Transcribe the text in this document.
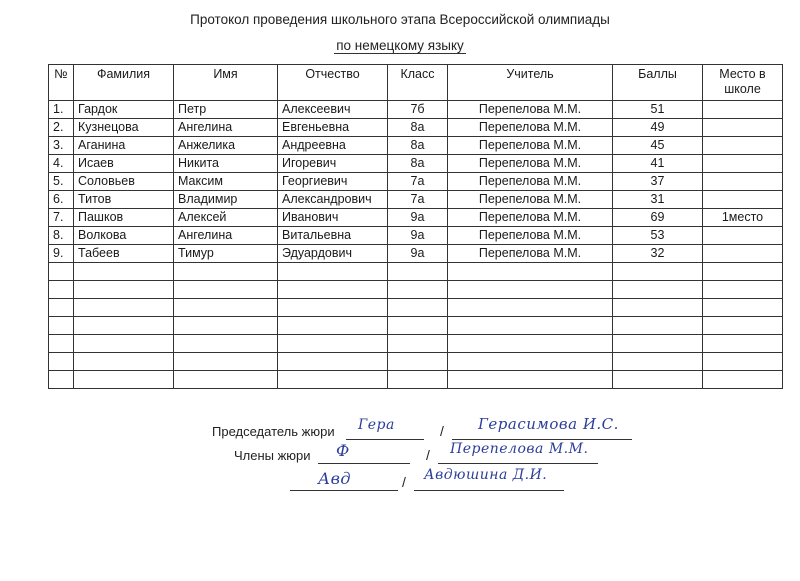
Протокол проведения школьного этапа Всероссийской олимпиады
по немецкому языку
№	Фамилия	Имя	Отчество	Класс	Учитель	Баллы	Место в школе
1.	Гардок	Петр	Алексеевич	7б	Перепелова М.М.	51	
2.	Кузнецова	Ангелина	Евгеньевна	8а	Перепелова М.М.	49	
3.	Аганина	Анжелика	Андреевна	8а	Перепелова М.М.	45	
4.	Исаев	Никита	Игоревич	8а	Перепелова М.М.	41	
5.	Соловьев	Максим	Георгиевич	7а	Перепелова М.М.	37	
6.	Титов	Владимир	Александрович	7а	Перепелова М.М.	31	
7.	Пашков	Алексей	Иванович	9а	Перепелова М.М.	69	1место
8.	Волкова	Ангелина	Витальевна	9а	Перепелова М.М.	53	
9.	Табеев	Тимур	Эдуардович	9а	Перепелова М.М.	32	

Председатель жюри Гера	/ Герасимова И.С.
Члены жюри Ф	/ Перепелова М.М.
Авд	/ Авдюшина Д.И.
